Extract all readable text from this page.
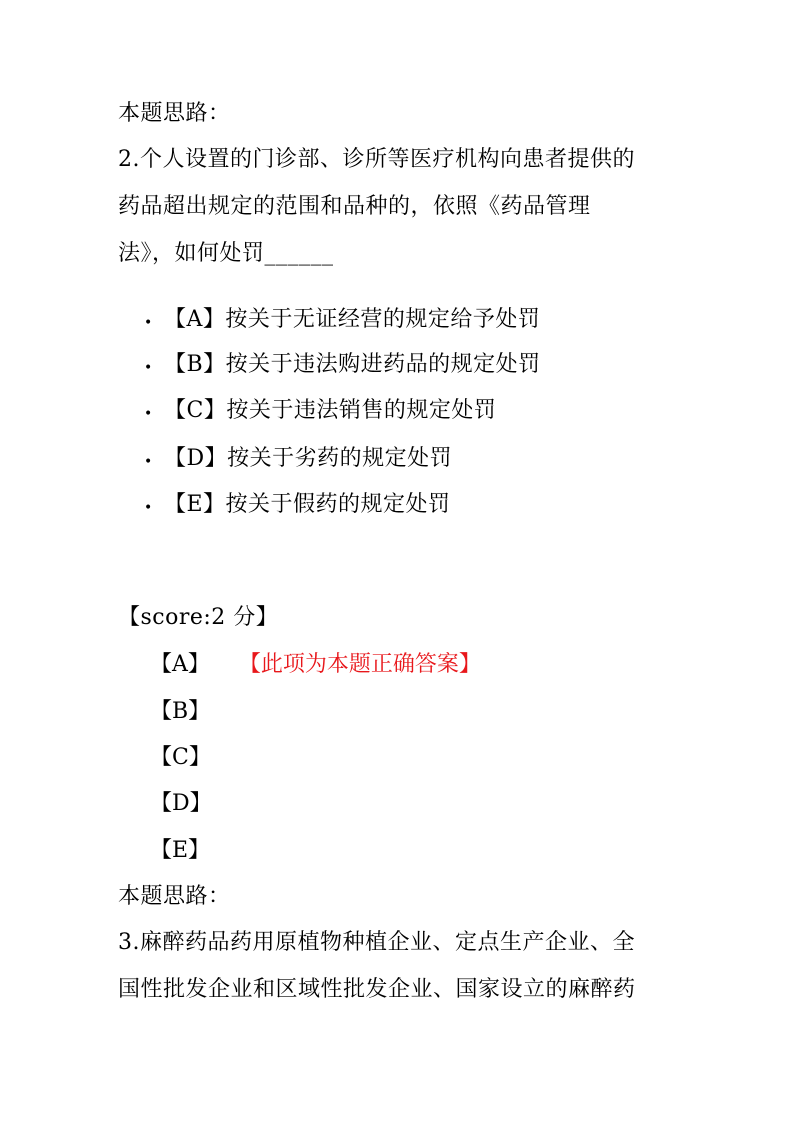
本题思路：
2.个人设置的门诊部、诊所等医疗机构向患者提供的
药品超出规定的范围和品种的，依照《药品管理
法》，如何处罚______
• 【A】按关于无证经营的规定给予处罚
• 【B】按关于违法购进药品的规定处罚
• 【C】按关于违法销售的规定处罚
• 【D】按关于劣药的规定处罚
• 【E】按关于假药的规定处罚
【score:2 分】
【A】 【此项为本题正确答案】
【B】
【C】
【D】
【E】
本题思路：
3.麻醉药品药用原植物种植企业、定点生产企业、全
国性批发企业和区域性批发企业、国家设立的麻醉药
